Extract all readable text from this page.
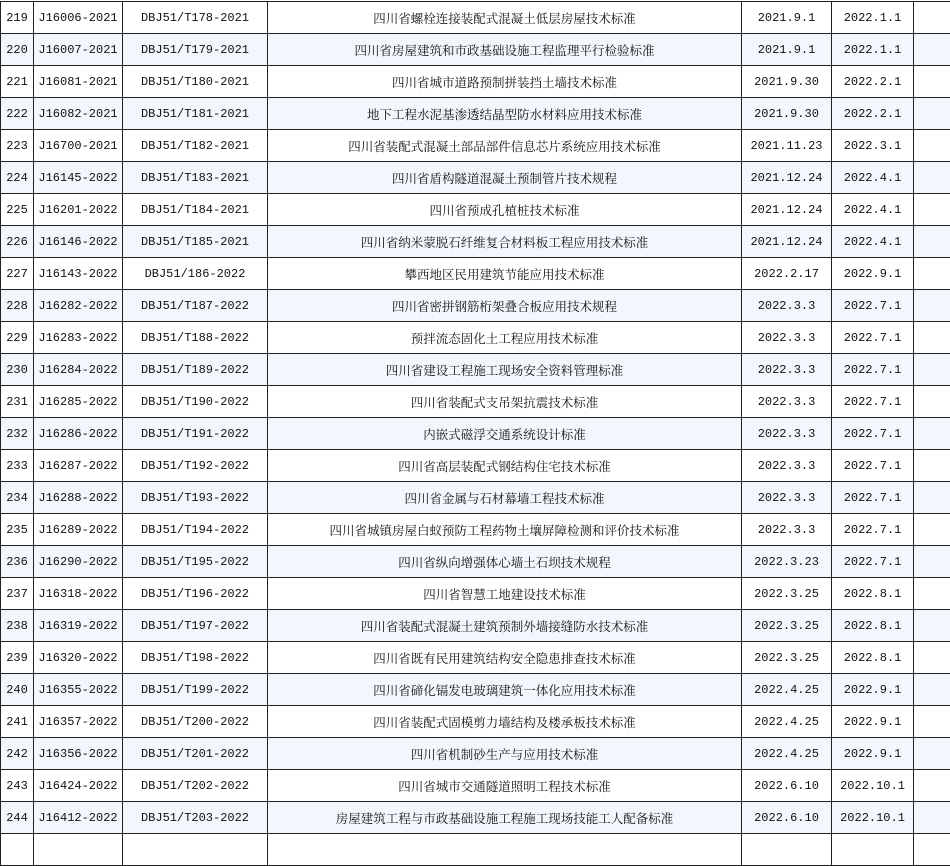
219	J16006-2021	DBJ51/T178-2021	四川省螺栓连接装配式混凝土低层房屋技术标准	2021.9.1	2022.1.1	
220	J16007-2021	DBJ51/T179-2021	四川省房屋建筑和市政基础设施工程监理平行检验标准	2021.9.1	2022.1.1	
221	J16081-2021	DBJ51/T180-2021	四川省城市道路预制拼装挡土墙技术标准	2021.9.30	2022.2.1	
222	J16082-2021	DBJ51/T181-2021	地下工程水泥基渗透结晶型防水材料应用技术标准	2021.9.30	2022.2.1	
223	J16700-2021	DBJ51/T182-2021	四川省装配式混凝土部品部件信息芯片系统应用技术标准	2021.11.23	2022.3.1	
224	J16145-2022	DBJ51/T183-2021	四川省盾构隧道混凝土预制管片技术规程	2021.12.24	2022.4.1	
225	J16201-2022	DBJ51/T184-2021	四川省预成孔植桩技术标准	2021.12.24	2022.4.1	
226	J16146-2022	DBJ51/T185-2021	四川省纳米蒙脱石纤维复合材料板工程应用技术标准	2021.12.24	2022.4.1	
227	J16143-2022	DBJ51/186-2022	攀西地区民用建筑节能应用技术标准	2022.2.17	2022.9.1	
228	J16282-2022	DBJ51/T187-2022	四川省密拼钢筋桁架叠合板应用技术规程	2022.3.3	2022.7.1	
229	J16283-2022	DBJ51/T188-2022	预拌流态固化土工程应用技术标准	2022.3.3	2022.7.1	
230	J16284-2022	DBJ51/T189-2022	四川省建设工程施工现场安全资料管理标准	2022.3.3	2022.7.1	
231	J16285-2022	DBJ51/T190-2022	四川省装配式支吊架抗震技术标准	2022.3.3	2022.7.1	
232	J16286-2022	DBJ51/T191-2022	内嵌式磁浮交通系统设计标准	2022.3.3	2022.7.1	
233	J16287-2022	DBJ51/T192-2022	四川省高层装配式钢结构住宅技术标准	2022.3.3	2022.7.1	
234	J16288-2022	DBJ51/T193-2022	四川省金属与石材幕墙工程技术标准	2022.3.3	2022.7.1	
235	J16289-2022	DBJ51/T194-2022	四川省城镇房屋白蚁预防工程药物土壤屏障检测和评价技术标准	2022.3.3	2022.7.1	
236	J16290-2022	DBJ51/T195-2022	四川省纵向增强体心墙土石坝技术规程	2022.3.23	2022.7.1	
237	J16318-2022	DBJ51/T196-2022	四川省智慧工地建设技术标准	2022.3.25	2022.8.1	
238	J16319-2022	DBJ51/T197-2022	四川省装配式混凝土建筑预制外墙接缝防水技术标准	2022.3.25	2022.8.1	
239	J16320-2022	DBJ51/T198-2022	四川省既有民用建筑结构安全隐患排查技术标准	2022.3.25	2022.8.1	
240	J16355-2022	DBJ51/T199-2022	四川省碲化镉发电玻璃建筑一体化应用技术标准	2022.4.25	2022.9.1	
241	J16357-2022	DBJ51/T200-2022	四川省装配式固模剪力墙结构及楼承板技术标准	2022.4.25	2022.9.1	
242	J16356-2022	DBJ51/T201-2022	四川省机制砂生产与应用技术标准	2022.4.25	2022.9.1	
243	J16424-2022	DBJ51/T202-2022	四川省城市交通隧道照明工程技术标准	2022.6.10	2022.10.1	
244	J16412-2022	DBJ51/T203-2022	房屋建筑工程与市政基础设施工程施工现场技能工人配备标准	2022.6.10	2022.10.1	
